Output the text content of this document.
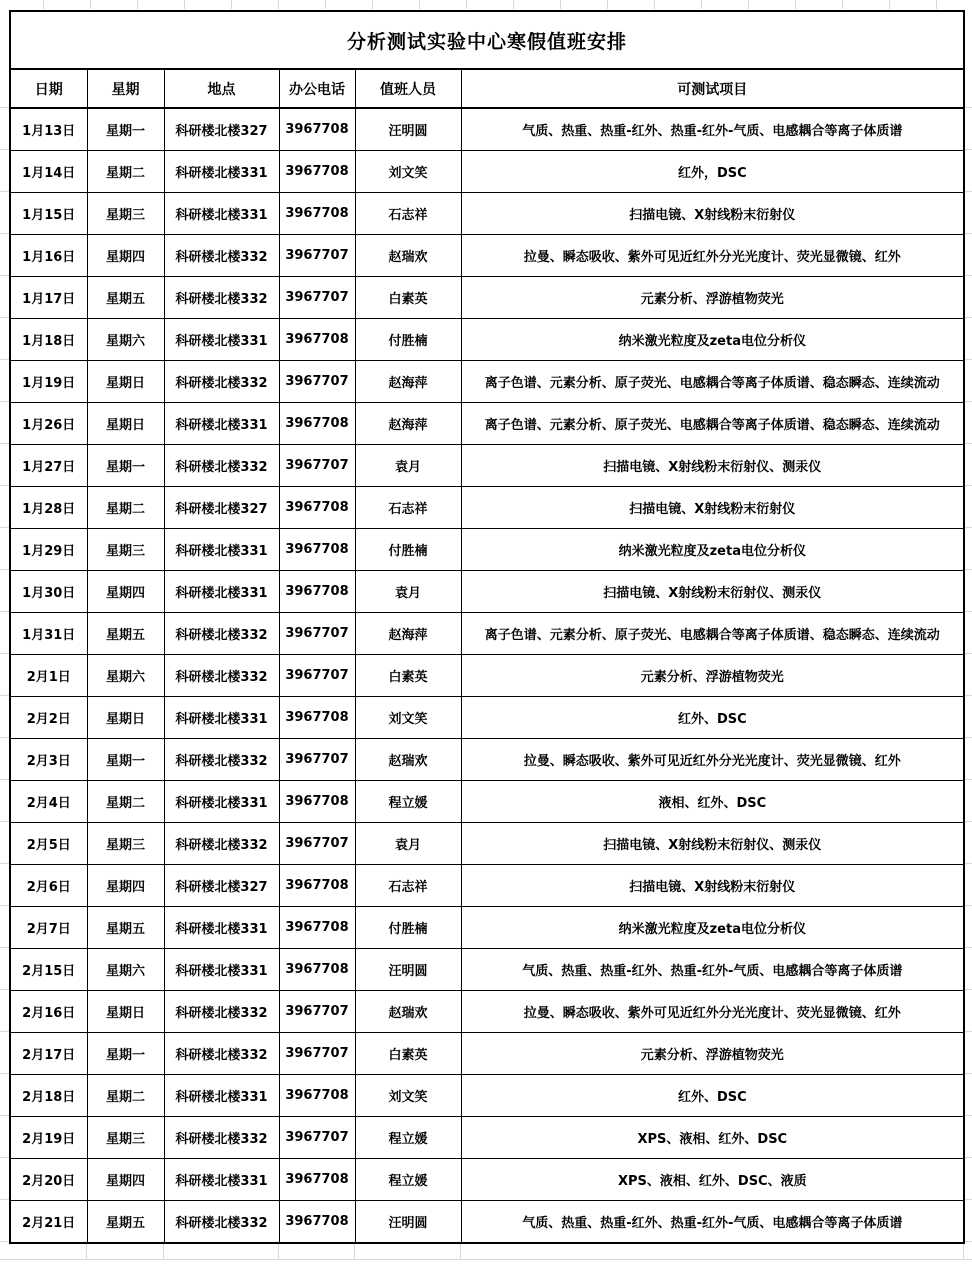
分析测试实验中心寒假值班安排					
日期	星期	地点	办公电话	值班人员	可测试项目
1月13日	星期一	科研楼北楼327	3967708	汪明圆	气质、热重、热重-红外、热重-红外-气质、电感耦合等离子体质谱
1月14日	星期二	科研楼北楼331	3967708	刘文笑	红外，DSC
1月15日	星期三	科研楼北楼331	3967708	石志祥	扫描电镜、X射线粉末衍射仪
1月16日	星期四	科研楼北楼332	3967707	赵瑞欢	拉曼、瞬态吸收、紫外可见近红外分光光度计、荧光显微镜、红外
1月17日	星期五	科研楼北楼332	3967707	白素英	元素分析、浮游植物荧光
1月18日	星期六	科研楼北楼331	3967708	付胜楠	纳米激光粒度及zeta电位分析仪
1月19日	星期日	科研楼北楼332	3967707	赵海萍	离子色谱、元素分析、原子荧光、电感耦合等离子体质谱、稳态瞬态、连续流动
1月26日	星期日	科研楼北楼331	3967708	赵海萍	离子色谱、元素分析、原子荧光、电感耦合等离子体质谱、稳态瞬态、连续流动
1月27日	星期一	科研楼北楼332	3967707	袁月	扫描电镜、X射线粉末衍射仪、测汞仪
1月28日	星期二	科研楼北楼327	3967708	石志祥	扫描电镜、X射线粉末衍射仪
1月29日	星期三	科研楼北楼331	3967708	付胜楠	纳米激光粒度及zeta电位分析仪
1月30日	星期四	科研楼北楼331	3967708	袁月	扫描电镜、X射线粉末衍射仪、测汞仪
1月31日	星期五	科研楼北楼332	3967707	赵海萍	离子色谱、元素分析、原子荧光、电感耦合等离子体质谱、稳态瞬态、连续流动
2月1日	星期六	科研楼北楼332	3967707	白素英	元素分析、浮游植物荧光
2月2日	星期日	科研楼北楼331	3967708	刘文笑	红外、DSC
2月3日	星期一	科研楼北楼332	3967707	赵瑞欢	拉曼、瞬态吸收、紫外可见近红外分光光度计、荧光显微镜、红外
2月4日	星期二	科研楼北楼331	3967708	程立媛	液相、红外、DSC
2月5日	星期三	科研楼北楼332	3967707	袁月	扫描电镜、X射线粉末衍射仪、测汞仪
2月6日	星期四	科研楼北楼327	3967708	石志祥	扫描电镜、X射线粉末衍射仪
2月7日	星期五	科研楼北楼331	3967708	付胜楠	纳米激光粒度及zeta电位分析仪
2月15日	星期六	科研楼北楼331	3967708	汪明圆	气质、热重、热重-红外、热重-红外-气质、电感耦合等离子体质谱
2月16日	星期日	科研楼北楼332	3967707	赵瑞欢	拉曼、瞬态吸收、紫外可见近红外分光光度计、荧光显微镜、红外
2月17日	星期一	科研楼北楼332	3967707	白素英	元素分析、浮游植物荧光
2月18日	星期二	科研楼北楼331	3967708	刘文笑	红外、DSC
2月19日	星期三	科研楼北楼332	3967707	程立媛	XPS、液相、红外、DSC
2月20日	星期四	科研楼北楼331	3967708	程立媛	XPS、液相、红外、DSC、液质
2月21日	星期五	科研楼北楼332	3967708	汪明圆	气质、热重、热重-红外、热重-红外-气质、电感耦合等离子体质谱
